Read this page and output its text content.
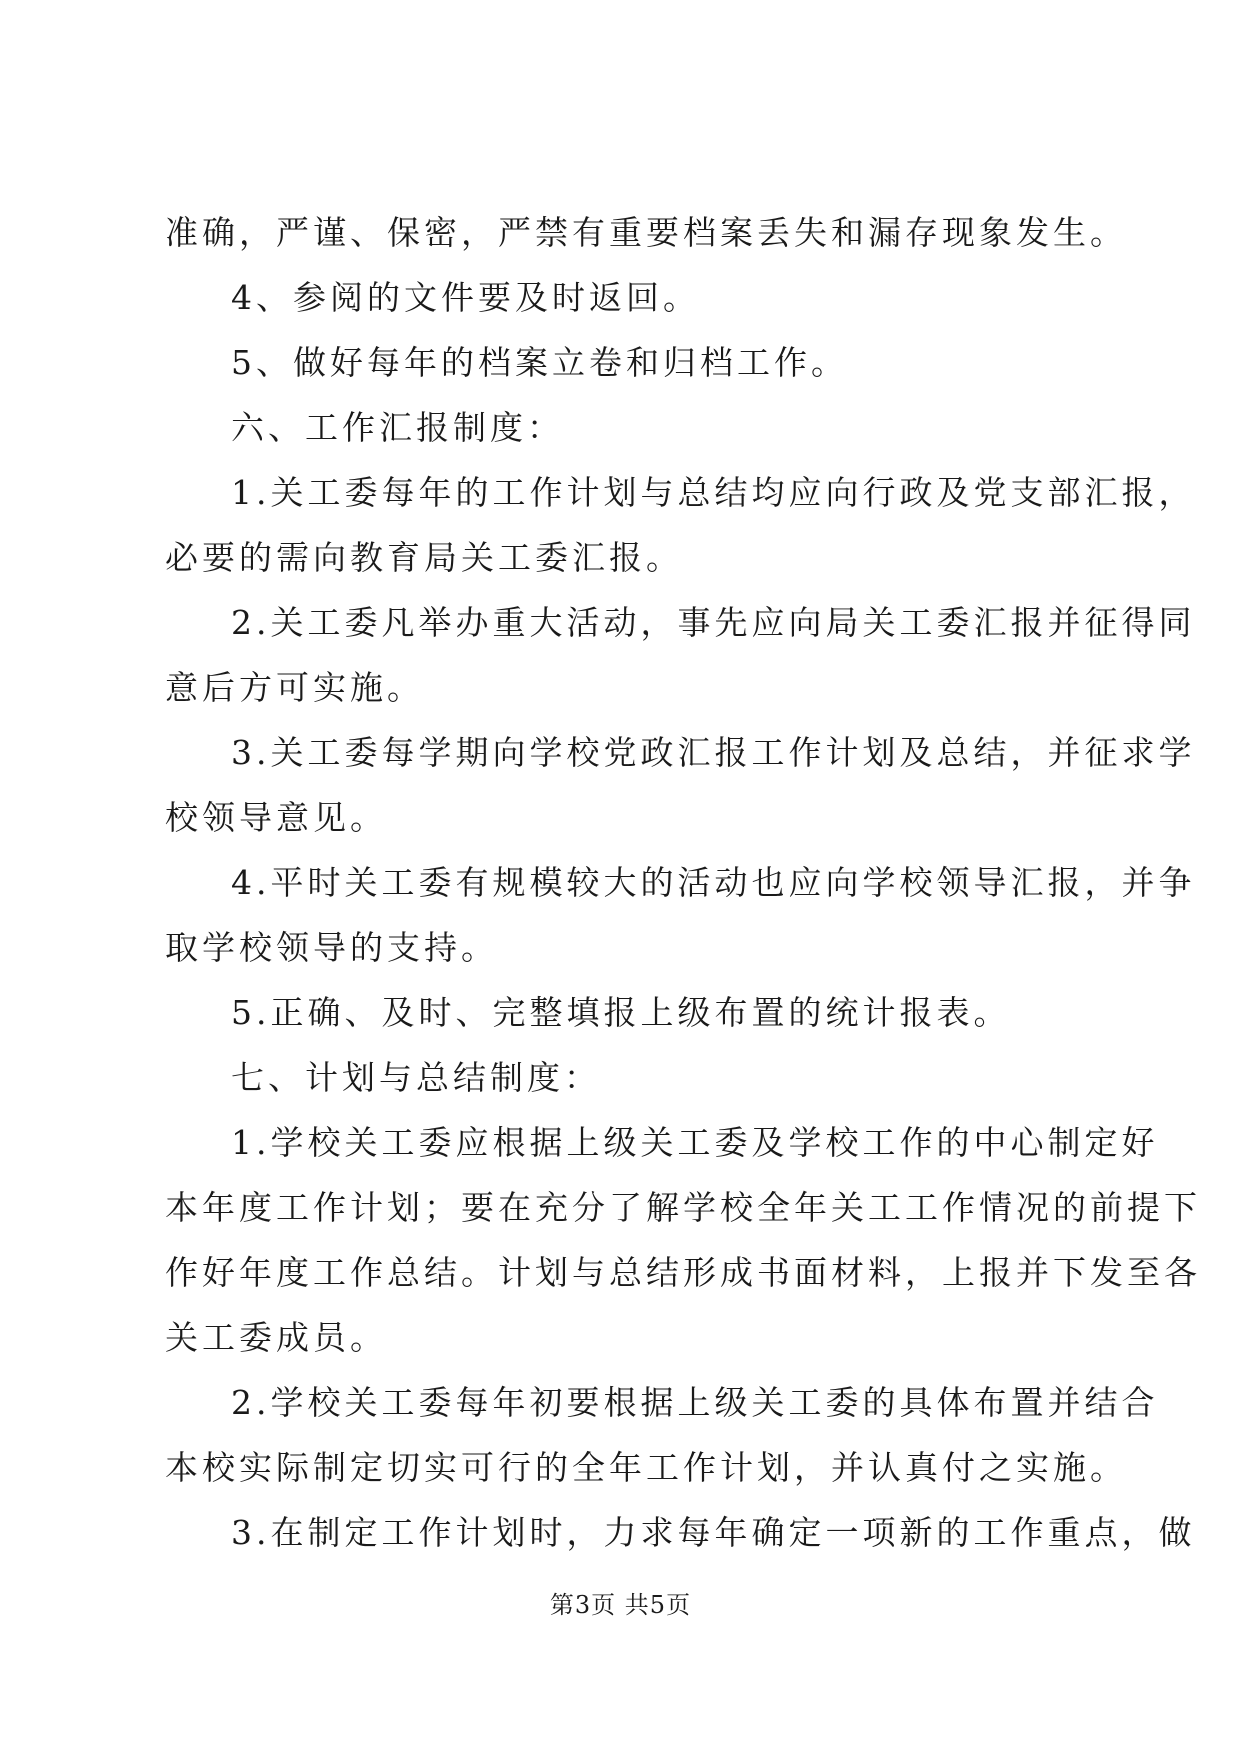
准确，严谨、保密，严禁有重要档案丢失和漏存现象发生。
4、参阅的文件要及时返回。
5、做好每年的档案立卷和归档工作。
六、工作汇报制度：
1.关工委每年的工作计划与总结均应向行政及党支部汇报，
必要的需向教育局关工委汇报。
2.关工委凡举办重大活动，事先应向局关工委汇报并征得同
意后方可实施。
3.关工委每学期向学校党政汇报工作计划及总结，并征求学
校领导意见。
4.平时关工委有规模较大的活动也应向学校领导汇报，并争
取学校领导的支持。
5.正确、及时、完整填报上级布置的统计报表。
七、计划与总结制度：
1.学校关工委应根据上级关工委及学校工作的中心制定好
本年度工作计划；要在充分了解学校全年关工工作情况的前提下
作好年度工作总结。计划与总结形成书面材料，上报并下发至各
关工委成员。
2.学校关工委每年初要根据上级关工委的具体布置并结合
本校实际制定切实可行的全年工作计划，并认真付之实施。
3.在制定工作计划时，力求每年确定一项新的工作重点，做
第3页 共5页
